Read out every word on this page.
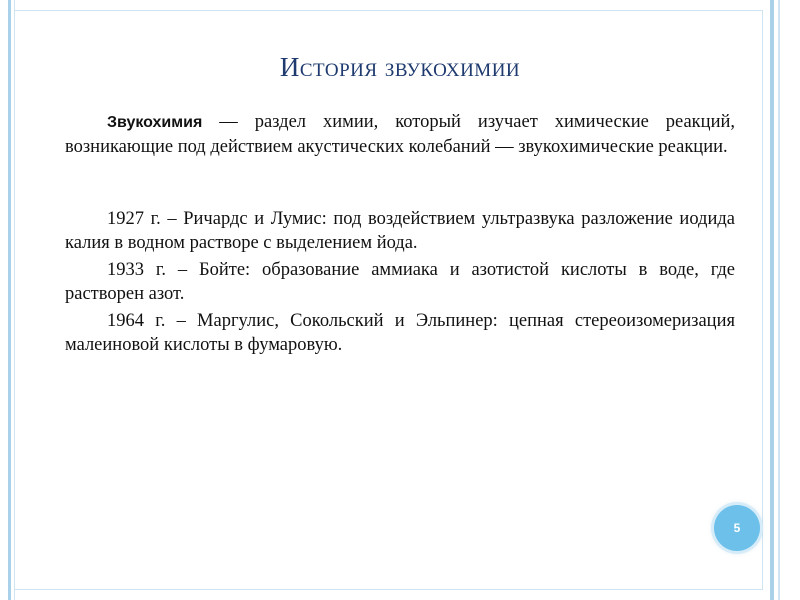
История звукохимии

Звукохимия — раздел химии, который изучает химические реакций, возникающие под действием акустических колебаний — звукохимические реакции.

1927 г. – Ричардс и Лумис: под воздействием ультразвука разложение иодида калия в водном растворе с выделением йода.

1933 г. – Бойте: образование аммиака и азотистой кислоты в воде, где растворен азот.

1964 г. – Маргулис, Сокольский и Эльпинер: цепная стереоизомеризация малеиновой кислоты в фумаровую.

5
